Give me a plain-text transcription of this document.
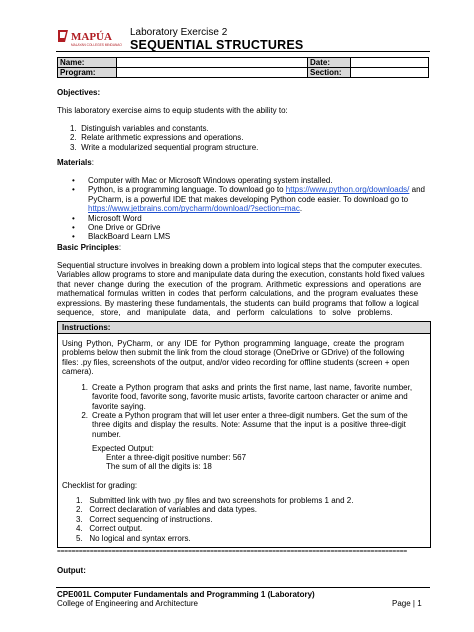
MAPÚA
MALAYAN COLLEGES MINDANAO
Laboratory Exercise 2
SEQUENTIAL STRUCTURES
Name:		Date:	
Program:		Section:	
Objectives:
This laboratory exercise aims to equip students with the ability to:
1.  Distinguish variables and constants.
2.  Relate arithmetic expressions and operations.
3.  Write a modularized sequential program structure.
Materials:
• Computer with Mac or Microsoft Windows operating system installed.
• Python, is a programming language. To download go to https://www.python.org/downloads/ and
PyCharm, is a powerful IDE that makes developing Python code easier. To download go to
https://www.jetbrains.com/pycharm/download/?section=mac.
• Microsoft Word
• One Drive or GDrive
• BlackBoard Learn LMS
Basic Principles:
Sequential structure involves in breaking down a problem into logical steps that the computer executes.
Variables allow programs to store and manipulate data during the execution, constants hold fixed values
that never change during the execution of the program. Arithmetic expressions and operations are
mathematical formulas written in codes that perform calculations, and the program evaluates these
expressions. By mastering these fundamentals, the students can build programs that follow a logical
sequence, store, and manipulate data, and perform calculations to solve problems.
Instructions:
Using Python, PyCharm, or any IDE for Python programming language, create the program
problems below then submit the link from the cloud storage (OneDrive or GDrive) of the following
files: .py files, screenshots of the output, and/or video recording for offline students (screen + open
camera).
1. Create a Python program that asks and prints the first name, last name, favorite number,
favorite food, favorite song, favorite music artists, favorite cartoon character or anime and
favorite saying.
2. Create a Python program that will let user enter a three-digit numbers. Get the sum of the
three digits and display the results. Note: Assume that the input is a positive three-digit
number.
Expected Output:
Enter a three-digit positive number: 567
The sum of all the digits is: 18
Checklist for grading:
1.   Submitted link with two .py files and two screenshots for problems 1 and 2.
2.   Correct declaration of variables and data types.
3.   Correct sequencing of instructions.
4.   Correct output.
5.   No logical and syntax errors.
================================================================================================
Output:
CPE001L Computer Fundamentals and Programming 1 (Laboratory)
College of Engineering and Architecture	Page | 1
